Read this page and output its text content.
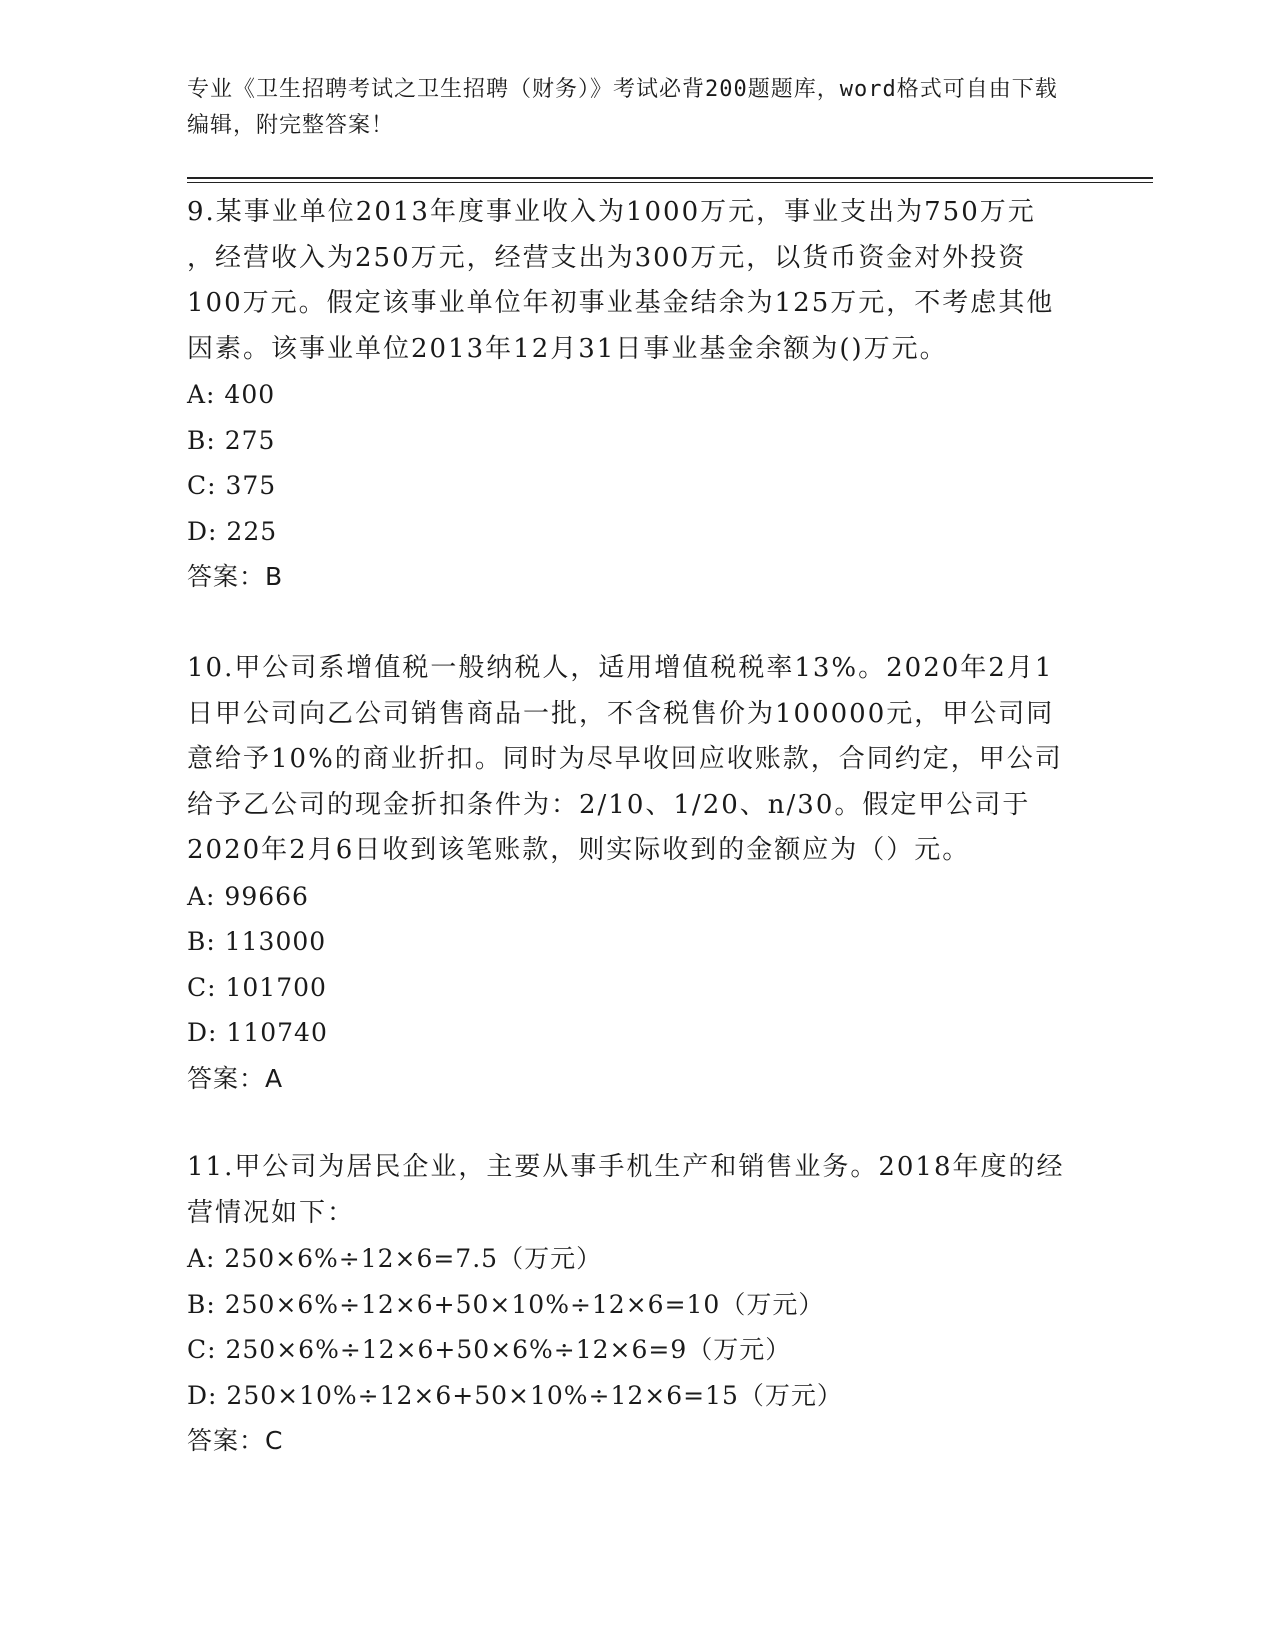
专业《卫生招聘考试之卫生招聘（财务）》考试必背200题题库，word格式可自由下载编辑，附完整答案！

9.某事业单位2013年度事业收入为1000万元，事业支出为750万元

，经营收入为250万元，经营支出为300万元，以货币资金对外投资

100万元。假定该事业单位年初事业基金结余为125万元，不考虑其他

因素。该事业单位2013年12月31日事业基金余额为()万元。

A: 400

B: 275

C: 375

D: 225

答案：B

10.甲公司系增值税一般纳税人，适用增值税税率13%。2020年2月1

日甲公司向乙公司销售商品一批，不含税售价为100000元，甲公司同

意给予10%的商业折扣。同时为尽早收回应收账款，合同约定，甲公司

给予乙公司的现金折扣条件为：2/10、1/20、n/30。假定甲公司于

2020年2月6日收到该笔账款，则实际收到的金额应为（）元。

A: 99666

B: 113000

C: 101700

D: 110740

答案：A

11.甲公司为居民企业，主要从事手机生产和销售业务。2018年度的经

营情况如下：

A: 250×6%÷12×6=7.5（万元）

B: 250×6%÷12×6+50×10%÷12×6=10（万元）

C: 250×6%÷12×6+50×6%÷12×6=9（万元）

D: 250×10%÷12×6+50×10%÷12×6=15（万元）

答案：C
